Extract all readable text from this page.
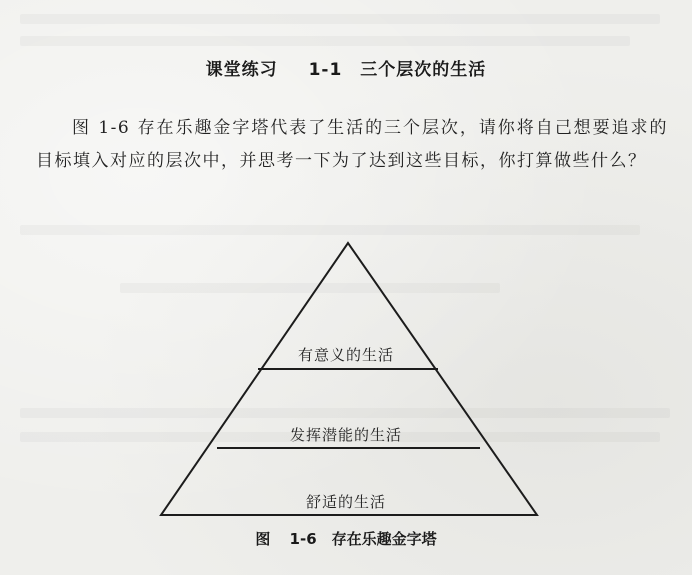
课堂练习 1-1　三个层次的生活
图 1-6 存在乐趣金字塔代表了生活的三个层次，请你将自己想要追求的目标填入对应的层次中，并思考一下为了达到这些目标，你打算做些什么？
有意义的生活
发挥潜能的生活
舒适的生活
图 1-6　存在乐趣金字塔
